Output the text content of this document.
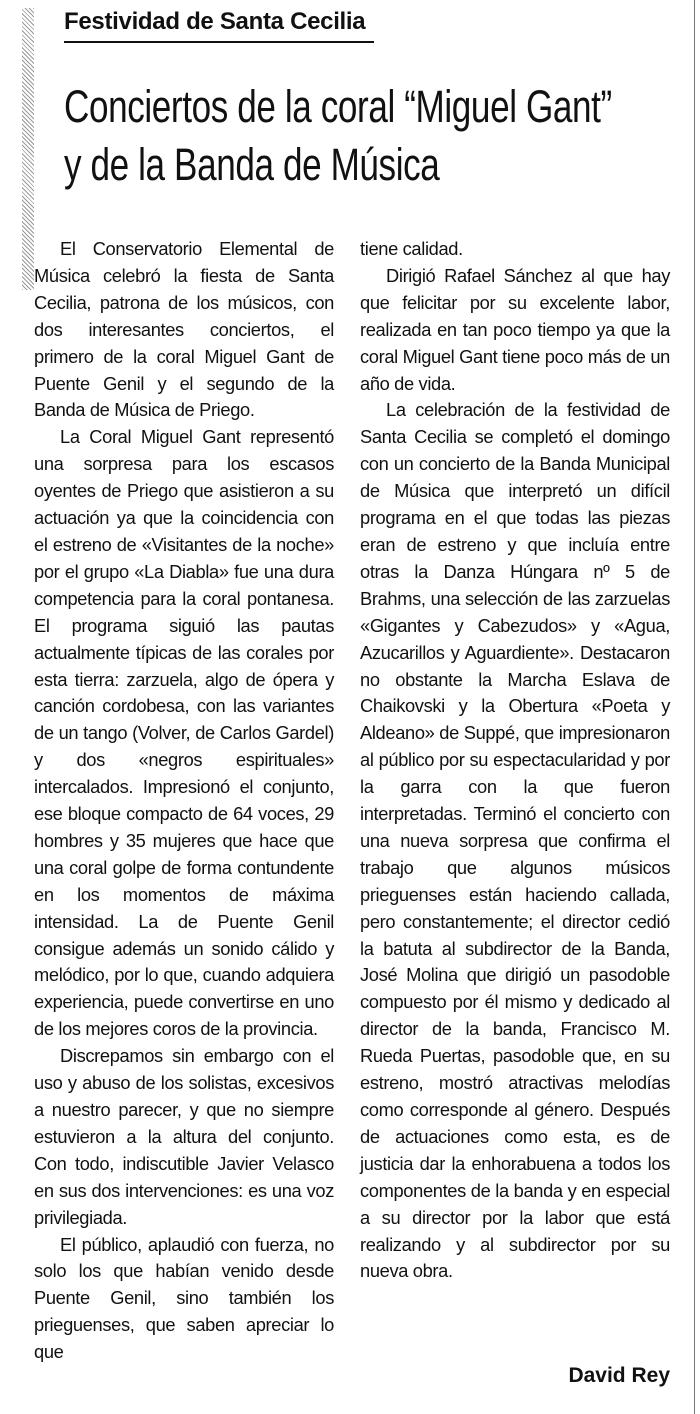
Festividad de Santa Cecilia
Conciertos de la coral “Miguel Gant”
y de la Banda de Música

El Conservatorio Elemental de Música celebró la fiesta de Santa Cecilia, patrona de los músicos, con dos interesantes conciertos, el primero de la coral Miguel Gant de Puente Genil y el segundo de la Banda de Música de Priego.

La Coral Miguel Gant representó una sorpresa para los escasos oyentes de Priego que asistieron a su actuación ya que la coincidencia con el estreno de «Visitantes de la noche» por el grupo «La Diabla» fue una dura competencia para la coral pontanesa. El programa siguió las pautas actualmente típicas de las corales por esta tierra: zarzuela, algo de ópera y canción cordobesa, con las variantes de un tango (Volver, de Carlos Gardel) y dos «negros espirituales» intercalados. Impresionó el conjunto, ese bloque compacto de 64 voces, 29 hombres y 35 mujeres que hace que una coral golpe de forma contundente en los momentos de máxima intensidad. La de Puente Genil consigue además un sonido cálido y melódico, por lo que, cuando adquiera experiencia, puede convertirse en uno de los mejores coros de la provincia.

Discrepamos sin embargo con el uso y abuso de los solistas, excesivos a nuestro parecer, y que no siempre estuvieron a la altura del conjunto. Con todo, indiscutible Javier Velasco en sus dos intervenciones: es una voz privilegiada.

El público, aplaudió con fuerza, no solo los que habían venido desde Puente Genil, sino también los prieguenses, que saben apreciar lo que

tiene calidad.

Dirigió Rafael Sánchez al que hay que felicitar por su excelente labor, realizada en tan poco tiempo ya que la coral Miguel Gant tiene poco más de un año de vida.

La celebración de la festividad de Santa Cecilia se completó el domingo con un concierto de la Banda Municipal de Música que interpretó un difícil programa en el que todas las piezas eran de estreno y que incluía entre otras la Danza Húngara nº 5 de Brahms, una selección de las zarzuelas «Gigantes y Cabezudos» y «Agua, Azucarillos y Aguardiente». Destacaron no obstante la Marcha Eslava de Chaikovski y la Obertura «Poeta y Aldeano» de Suppé, que impresionaron al público por su espectacularidad y por la garra con la que fueron interpretadas. Terminó el concierto con una nueva sorpresa que confirma el trabajo que algunos músicos prieguenses están haciendo callada, pero constantemente; el director cedió la batuta al subdirector de la Banda, José Molina que dirigió un pasodoble compuesto por él mismo y dedicado al director de la banda, Francisco M. Rueda Puertas, pasodoble que, en su estreno, mostró atractivas melodías como corresponde al género. Después de actuaciones como esta, es de justicia dar la enhorabuena a todos los componentes de la banda y en especial a su director por la labor que está realizando y al subdirector por su nueva obra.

David Rey
